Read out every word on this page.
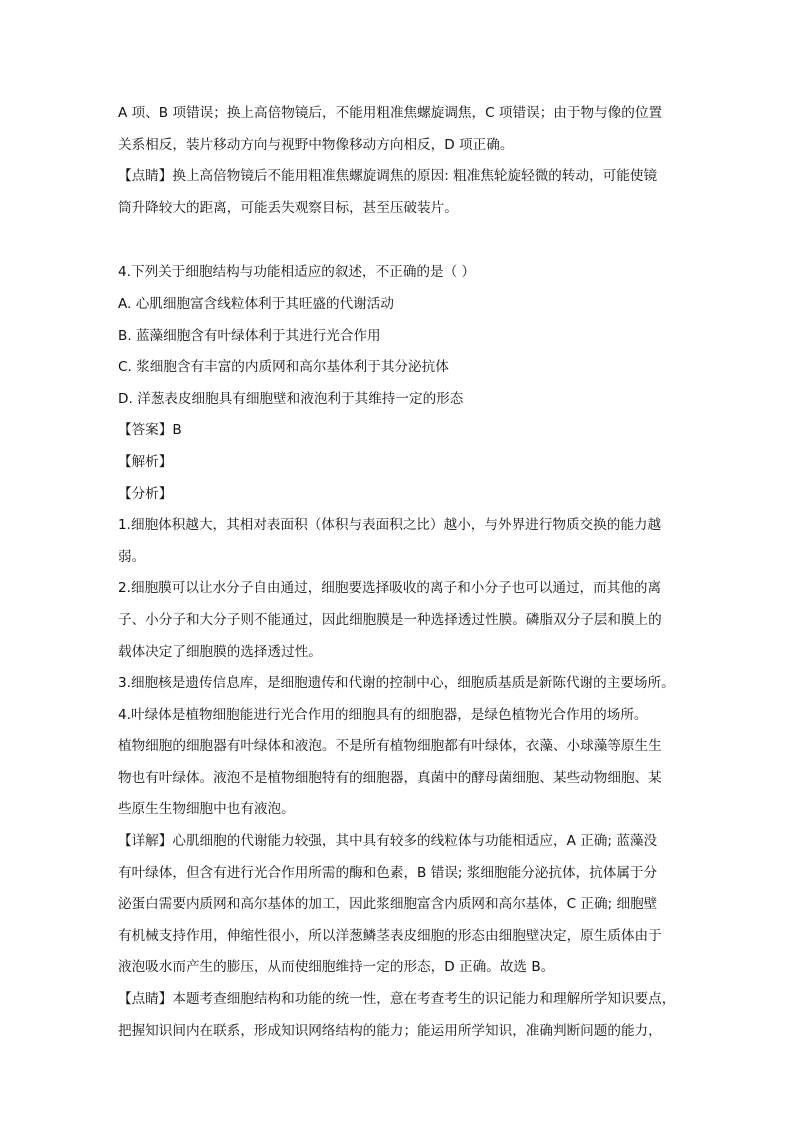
A 项、B 项错误；换上高倍物镜后，不能用粗准焦螺旋调焦，C 项错误；由于物与像的位置
关系相反，装片移动方向与视野中物像移动方向相反，D 项正确。
【点睛】换上高倍物镜后不能用粗准焦螺旋调焦的原因: 粗准焦轮旋轻微的转动，可能使镜
筒升降较大的距离，可能丢失观察目标，甚至压破装片。
4.下列关于细胞结构与功能相适应的叙述，不正确的是（ ）
A. 心肌细胞富含线粒体利于其旺盛的代谢活动
B. 蓝藻细胞含有叶绿体利于其进行光合作用
C. 浆细胞含有丰富的内质网和高尔基体利于其分泌抗体
D. 洋葱表皮细胞具有细胞壁和液泡利于其维持一定的形态
【答案】B
【解析】
【分析】
1.细胞体积越大，其相对表面积（体积与表面积之比）越小，与外界进行物质交换的能力越
弱。
2.细胞膜可以让水分子自由通过，细胞要选择吸收的离子和小分子也可以通过，而其他的离
子、小分子和大分子则不能通过，因此细胞膜是一种选择透过性膜。磷脂双分子层和膜上的
载体决定了细胞膜的选择透过性。
3.细胞核是遗传信息库，是细胞遗传和代谢的控制中心，细胞质基质是新陈代谢的主要场所。
4.叶绿体是植物细胞能进行光合作用的细胞具有的细胞器，是绿色植物光合作用的场所。
植物细胞的细胞器有叶绿体和液泡。不是所有植物细胞都有叶绿体，衣藻、小球藻等原生生
物也有叶绿体。液泡不是植物细胞特有的细胞器，真菌中的酵母菌细胞、某些动物细胞、某
些原生生物细胞中也有液泡。
【详解】心肌细胞的代谢能力较强，其中具有较多的线粒体与功能相适应，A 正确; 蓝藻没
有叶绿体，但含有进行光合作用所需的酶和色素，B 错误; 浆细胞能分泌抗体，抗体属于分
泌蛋白需要内质网和高尔基体的加工，因此浆细胞富含内质网和高尔基体，C 正确; 细胞壁
有机械支持作用，伸缩性很小，所以洋葱鳞茎表皮细胞的形态由细胞壁决定，原生质体由于
液泡吸水而产生的膨压，从而使细胞维持一定的形态，D 正确。故选 B。
【点睛】本题考查细胞结构和功能的统一性，意在考查考生的识记能力和理解所学知识要点，
把握知识间内在联系，形成知识网络结构的能力；能运用所学知识，准确判断问题的能力，
